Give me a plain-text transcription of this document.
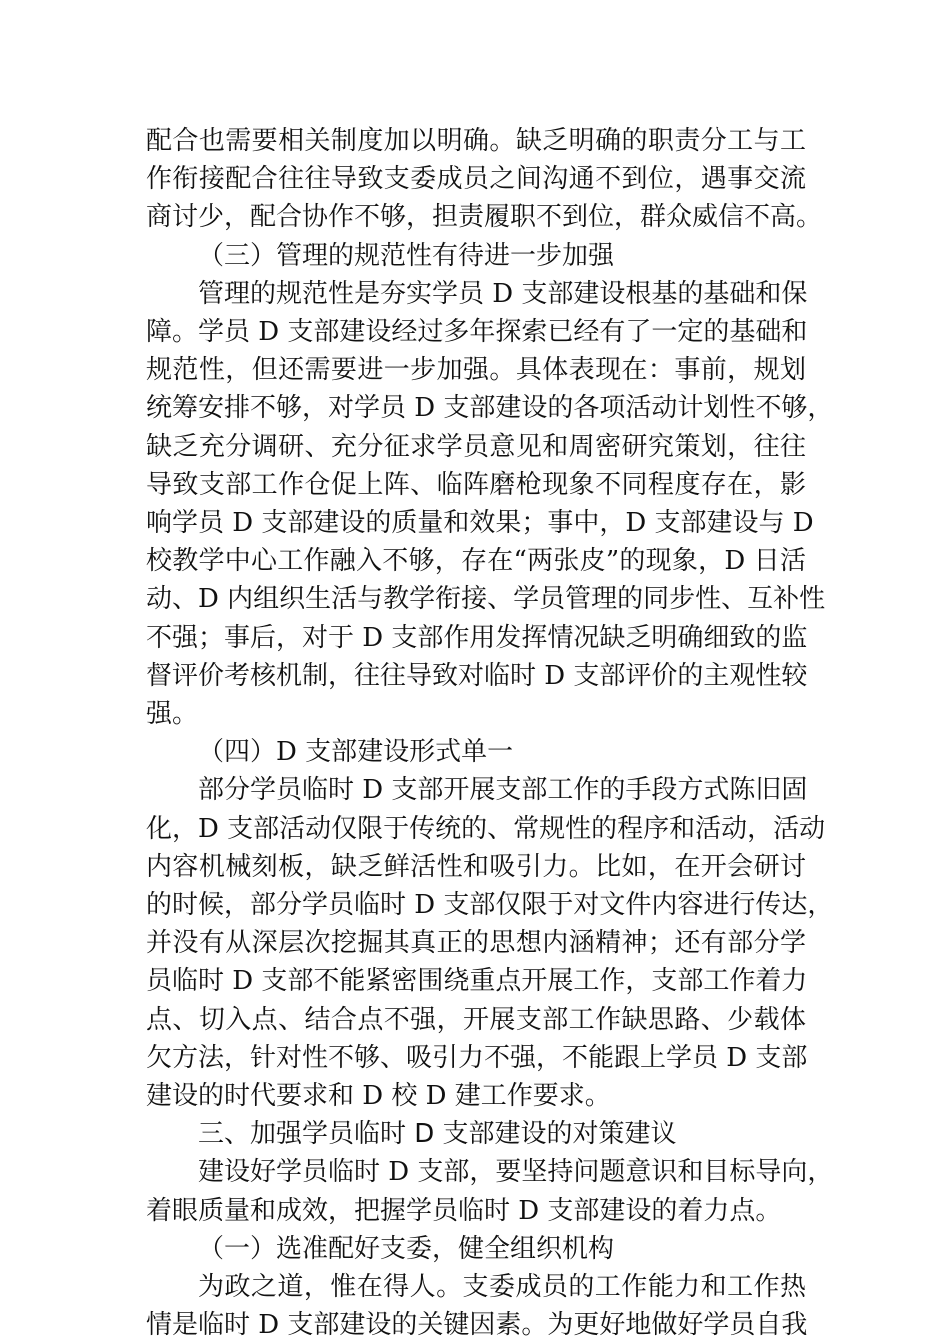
配合也需要相关制度加以明确。缺乏明确的职责分工与工
作衔接配合往往导致支委成员之间沟通不到位，遇事交流
商讨少，配合协作不够，担责履职不到位，群众威信不高。
（三）管理的规范性有待进一步加强
管理的规范性是夯实学员 D 支部建设根基的基础和保
障。学员 D 支部建设经过多年探索已经有了一定的基础和
规范性，但还需要进一步加强。具体表现在：事前，规划
统筹安排不够，对学员 D 支部建设的各项活动计划性不够，
缺乏充分调研、充分征求学员意见和周密研究策划，往往
导致支部工作仓促上阵、临阵磨枪现象不同程度存在，影
响学员 D 支部建设的质量和效果；事中，D 支部建设与 D
校教学中心工作融入不够，存在“两张皮”的现象，D 日活
动、D 内组织生活与教学衔接、学员管理的同步性、互补性
不强；事后，对于 D 支部作用发挥情况缺乏明确细致的监
督评价考核机制，往往导致对临时 D 支部评价的主观性较
强。
（四）D 支部建设形式单一
部分学员临时 D 支部开展支部工作的手段方式陈旧固
化，D 支部活动仅限于传统的、常规性的程序和活动，活动
内容机械刻板，缺乏鲜活性和吸引力。比如，在开会研讨
的时候，部分学员临时 D 支部仅限于对文件内容进行传达，
并没有从深层次挖掘其真正的思想内涵精神；还有部分学
员临时 D 支部不能紧密围绕重点开展工作，支部工作着力
点、切入点、结合点不强，开展支部工作缺思路、少载体
欠方法，针对性不够、吸引力不强，不能跟上学员 D 支部
建设的时代要求和 D 校 D 建工作要求。
三、加强学员临时 D 支部建设的对策建议
建设好学员临时 D 支部，要坚持问题意识和目标导向，
着眼质量和成效，把握学员临时 D 支部建设的着力点。
（一）选准配好支委，健全组织机构
为政之道，惟在得人。支委成员的工作能力和工作热
情是临时 D 支部建设的关键因素。为更好地做好学员自我
